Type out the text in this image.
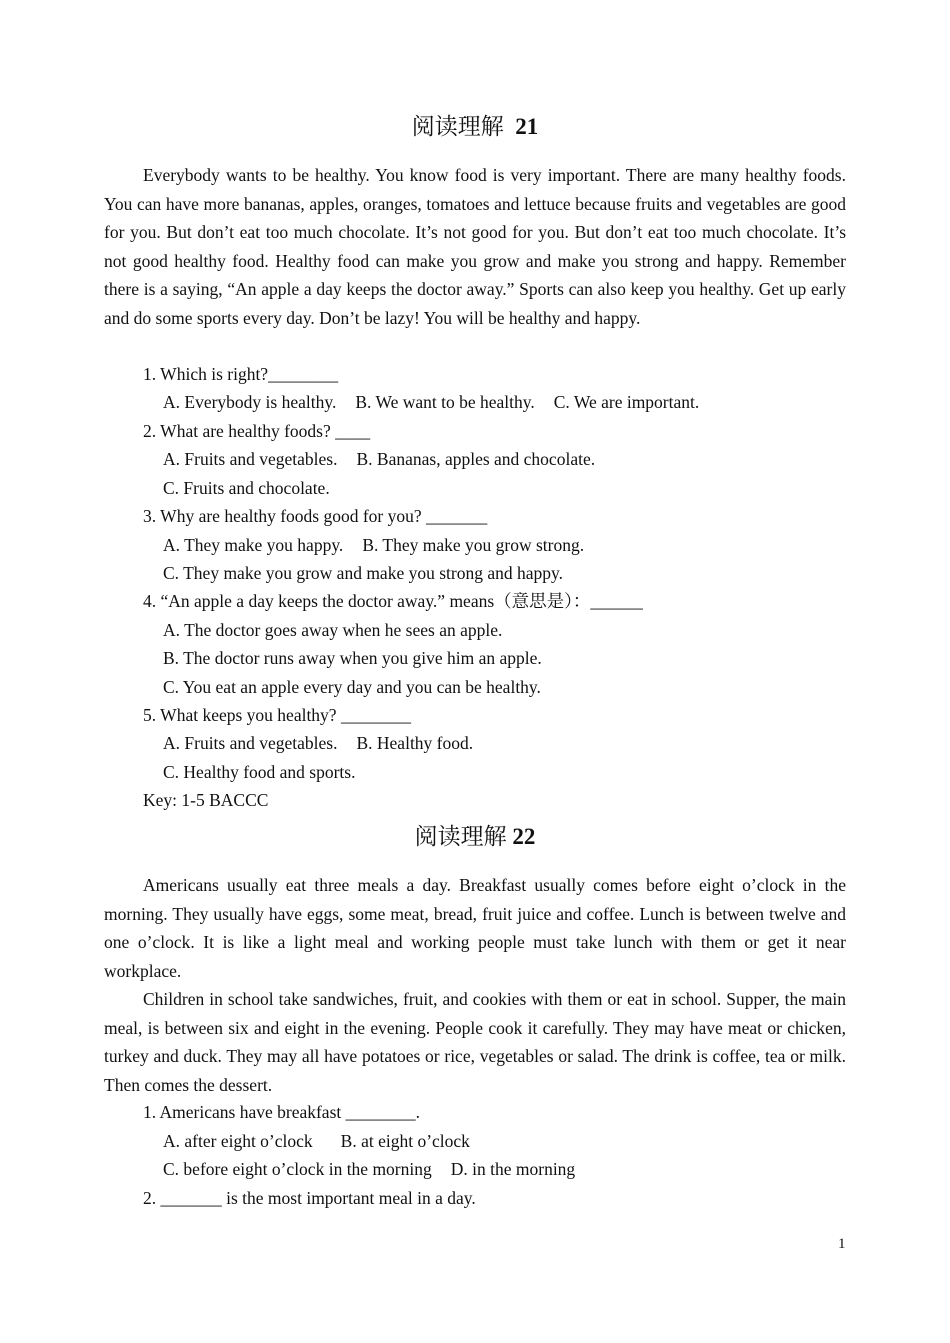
阅读理解 21

Everybody wants to be healthy. You know food is very important. There are many healthy foods. You can have more bananas, apples, oranges, tomatoes and lettuce because fruits and vegetables are good for you. But don’t eat too much chocolate. It’s not good for you. But don’t eat too much chocolate. It’s not good healthy food. Healthy food can make you grow and make you strong and happy. Remember there is a saying, “An apple a day keeps the doctor away.” Sports can also keep you healthy. Get up early and do some sports every day. Don’t be lazy! You will be healthy and happy.

1. Which is right?________
A. Everybody is healthy. B. We want to be healthy. C. We are important.
2. What are healthy foods? ____
A. Fruits and vegetables. B. Bananas, apples and chocolate.
C. Fruits and chocolate.
3. Why are healthy foods good for you? _______
A. They make you happy. B. They make you grow strong.
C. They make you grow and make you strong and happy.
4. “An apple a day keeps the doctor away.” means（意思是）：______
A. The doctor goes away when he sees an apple.
B. The doctor runs away when you give him an apple.
C. You eat an apple every day and you can be healthy.
5. What keeps you healthy? ________
A. Fruits and vegetables. B. Healthy food.
C. Healthy food and sports.
Key: 1-5 BACCC
阅读理解 22

Americans usually eat three meals a day. Breakfast usually comes before eight o’clock in the morning. They usually have eggs, some meat, bread, fruit juice and coffee. Lunch is between twelve and one o’clock. It is like a light meal and working people must take lunch with them or get it near workplace.

Children in school take sandwiches, fruit, and cookies with them or eat in school. Supper, the main meal, is between six and eight in the evening. People cook it carefully. They may have meat or chicken, turkey and duck. They may all have potatoes or rice, vegetables or salad. The drink is coffee, tea or milk. Then comes the dessert.

1. Americans have breakfast ________.
A. after eight o’clock B. at eight o’clock
C. before eight o’clock in the morning D. in the morning
2. _______ is the most important meal in a day.
1
